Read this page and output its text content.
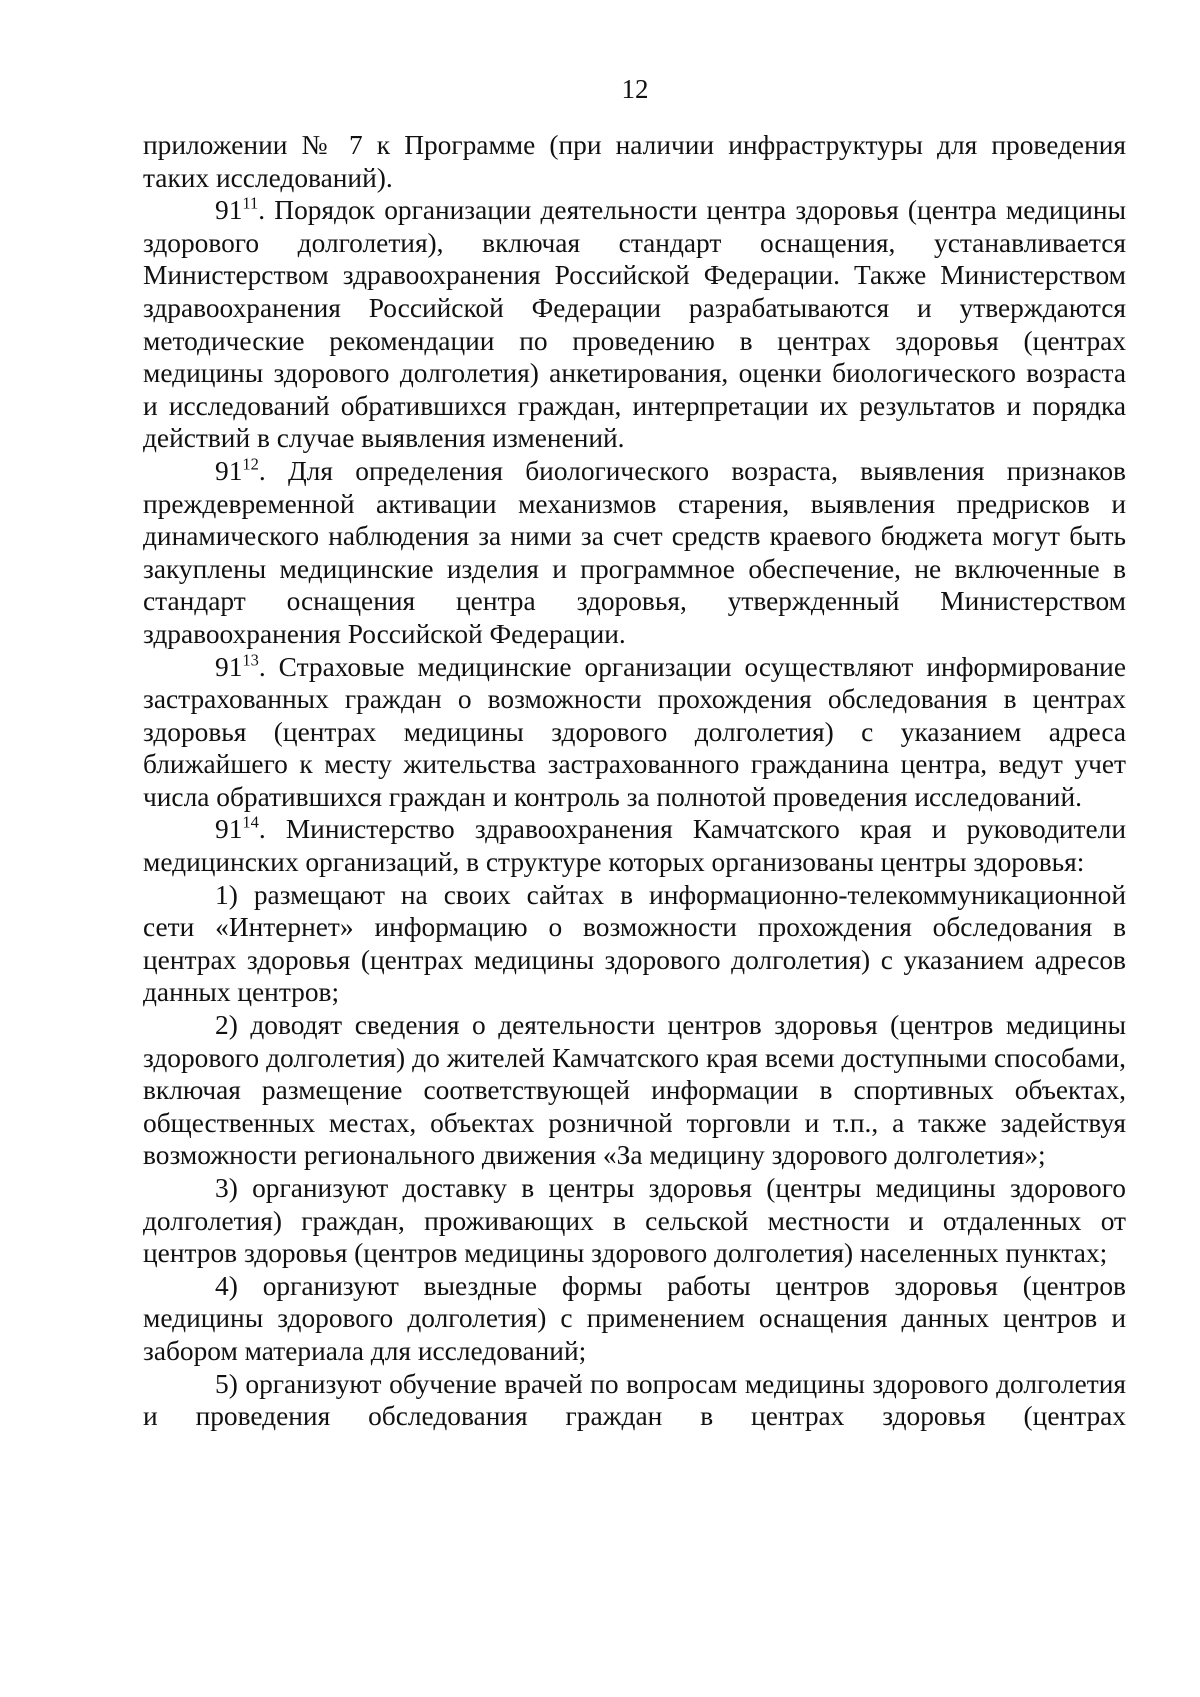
12

приложении № 7 к Программе (при наличии инфраструктуры для проведения таких исследований).

$91^{11}$. Порядок организации деятельности центра здоровья (центра медицины здорового долголетия), включая стандарт оснащения, устанавливается Министерством здравоохранения Российской Федерации. Также Министерством здравоохранения Российской Федерации разрабатываются и утверждаются методические рекомендации по проведению в центрах здоровья (центрах медицины здорового долголетия) анкетирования, оценки биологического возраста и исследований обратившихся граждан, интерпретации их результатов и порядка действий в случае выявления изменений.

$91^{12}$. Для определения биологического возраста, выявления признаков преждевременной активации механизмов старения, выявления предрисков и динамического наблюдения за ними за счет средств краевого бюджета могут быть закуплены медицинские изделия и программное обеспечение, не включенные в стандарт оснащения центра здоровья, утвержденный Министерством здравоохранения Российской Федерации.

$91^{13}$. Страховые медицинские организации осуществляют информирование застрахованных граждан о возможности прохождения обследования в центрах здоровья (центрах медицины здорового долголетия) с указанием адреса ближайшего к месту жительства застрахованного гражданина центра, ведут учет числа обратившихся граждан и контроль за полнотой проведения исследований.

$91^{14}$. Министерство здравоохранения Камчатского края и руководители медицинских организаций, в структуре которых организованы центры здоровья:

1) размещают на своих сайтах в информационно-телекоммуникационной сети «Интернет» информацию о возможности прохождения обследования в центрах здоровья (центрах медицины здорового долголетия) с указанием адресов данных центров;

2) доводят сведения о деятельности центров здоровья (центров медицины здорового долголетия) до жителей Камчатского края всеми доступными способами, включая размещение соответствующей информации в спортивных объектах, общественных местах, объектах розничной торговли и т.п., а также задействуя возможности регионального движения «За медицину здорового долголетия»;

3) организуют доставку в центры здоровья (центры медицины здорового долголетия) граждан, проживающих в сельской местности и отдаленных от центров здоровья (центров медицины здорового долголетия) населенных пунктах;

4) организуют выездные формы работы центров здоровья (центров медицины здорового долголетия) с применением оснащения данных центров и забором материала для исследований;

5) организуют обучение врачей по вопросам медицины здорового долголетия и проведения обследования граждан в центрах здоровья (центрах
